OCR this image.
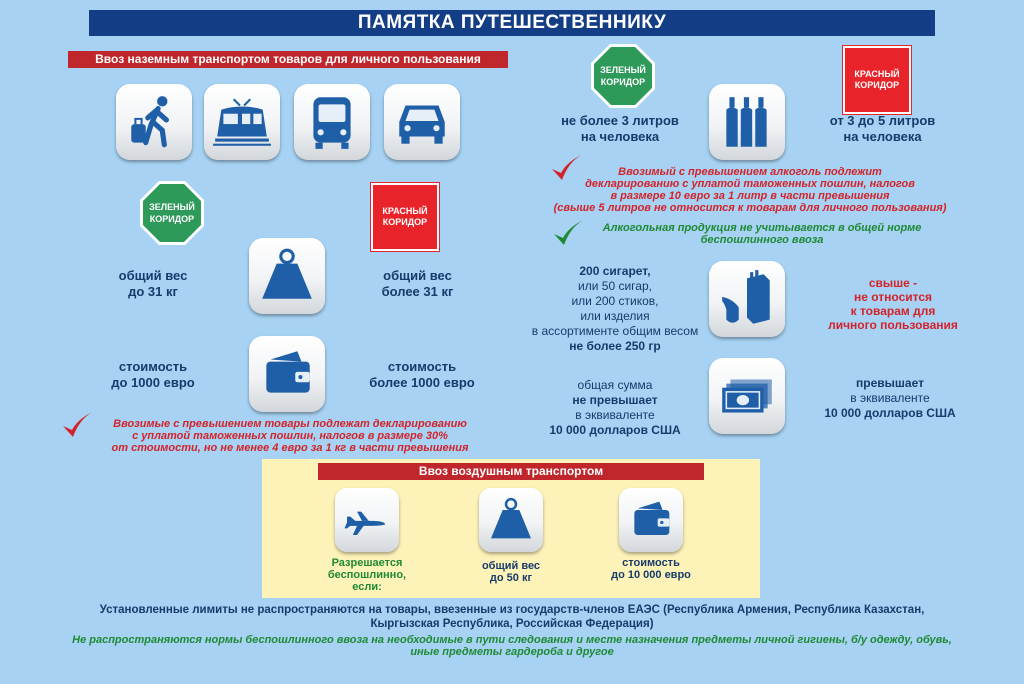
ПАМЯТКА ПУТЕШЕСТВЕННИКУ
Ввоз наземным транспортом товаров для личного пользования
ЗЕЛЕНЫЙ
КОРИДОР
КРАСНЫЙ
КОРИДОР
общий вес
до 31 кг
общий вес
более 31 кг
стоимость
до 1000 евро
стоимость
более 1000 евро
Ввозимые с превышением товары подлежат декларированию
с уплатой таможенных пошлин, налогов в размере 30%
от стоимости, но не менее 4 евро за 1 кг в части превышения
ЗЕЛЕНЫЙ
КОРИДОР
КРАСНЫЙ
КОРИДОР
не более 3 литров
на человека
от 3 до 5 литров
на человека
Ввозимый с превышением алкоголь подлежит
декларированию с уплатой таможенных пошлин, налогов
в размере 10 евро за 1 литр в части превышения
(свыше 5 литров не относится к товарам для личного пользования)
Алкогольная продукция не учитывается в общей норме
беспошлинного ввоза
200 сигарет,
или 50 сигар,
или 200 стиков,
или изделия
в ассортименте общим весом
не более 250 гр
свыше -
не относится
к товарам для
личного пользования
общая сумма
не превышает
в эквиваленте
10 000 долларов США
превышает
в эквиваленте
10 000 долларов США
Ввоз воздушным транспортом
Разрешается
беспошлинно,
если:
общий вес
до 50 кг
стоимость
до 10 000 евро
Установленные лимиты не распространяются на товары, ввезенные из государств-членов ЕАЭС (Республика Армения, Республика Казахстан,
Кыргызская Республика, Российская Федерация)
Не распространяются нормы беспошлинного ввоза на необходимые в пути следования и месте назначения предметы личной гигиены, б/у одежду, обувь,
иные предметы гардероба и другое
